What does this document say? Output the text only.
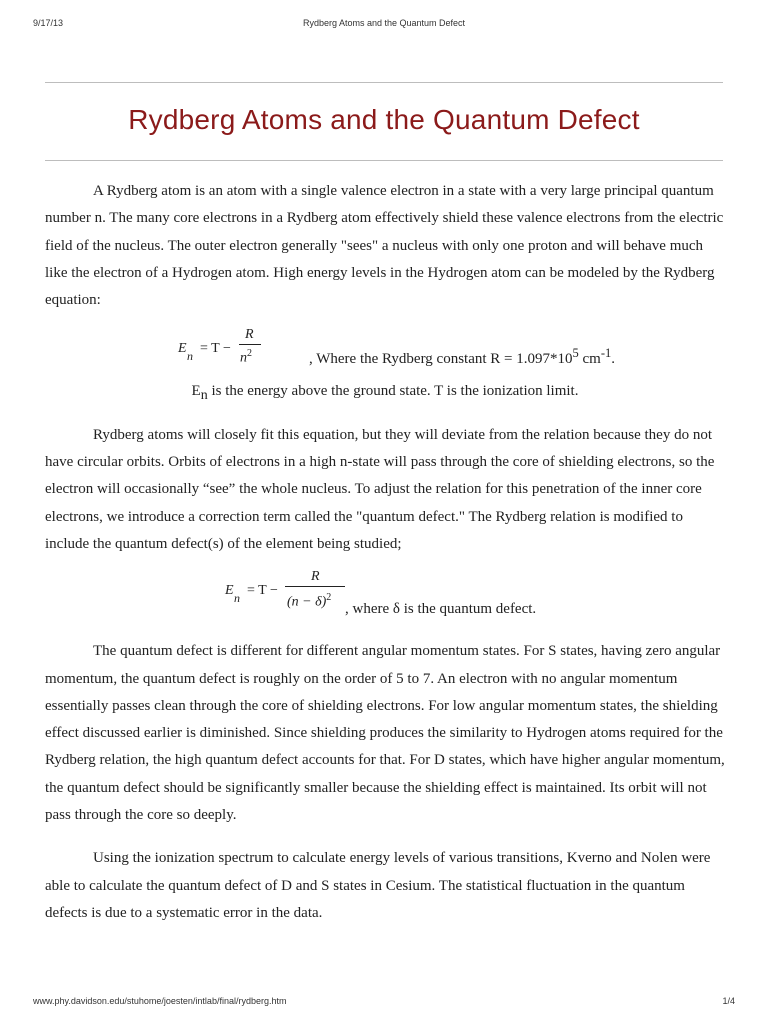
9/17/13	Rydberg Atoms and the Quantum Defect
Rydberg Atoms and the Quantum Defect

A Rydberg atom is an atom with a single valence electron in a state with a very large principal quantum number n. The many core electrons in a Rydberg atom effectively shield these valence electrons from the electric field of the nucleus. The outer electron generally "sees" a nucleus with only one proton and will behave much like the electron of a Hydrogen atom. High energy levels in the Hydrogen atom can be modeled by the Rydberg equation:

E n = T −
R
$n^2$	, Where the Rydberg constant $R = 1.097*10^5$ $cm^{-1}$.

En is the energy above the ground state. T is the ionization limit.

Rydberg atoms will closely fit this equation, but they will deviate from the relation because they do not have circular orbits. Orbits of electrons in a high n-state will pass through the core of shielding electrons, so the electron will occasionally “see” the whole nucleus. To adjust the relation for this penetration of the inner core electrons, we introduce a correction term called the "quantum defect." The Rydberg relation is modified to include the quantum defect(s) of the element being studied;

E n = T −
R
$(n - \delta)^2$
, where δ is the quantum defect.

The quantum defect is different for different angular momentum states. For S states, having zero angular momentum, the quantum defect is roughly on the order of 5 to 7. An electron with no angular momentum essentially passes clean through the core of shielding electrons. For low angular momentum states, the shielding effect discussed earlier is diminished. Since shielding produces the similarity to Hydrogen atoms required for the Rydberg relation, the high quantum defect accounts for that. For D states, which have higher angular momentum, the quantum defect should be significantly smaller because the shielding effect is maintained. Its orbit will not pass through the core so deeply.

Using the ionization spectrum to calculate energy levels of various transitions, Kverno and Nolen were able to calculate the quantum defect of D and S states in Cesium. The statistical fluctuation in the quantum defects is due to a systematic error in the data.

www.phy.davidson.edu/stuhome/joesten/intlab/final/rydberg.htm	1/4
